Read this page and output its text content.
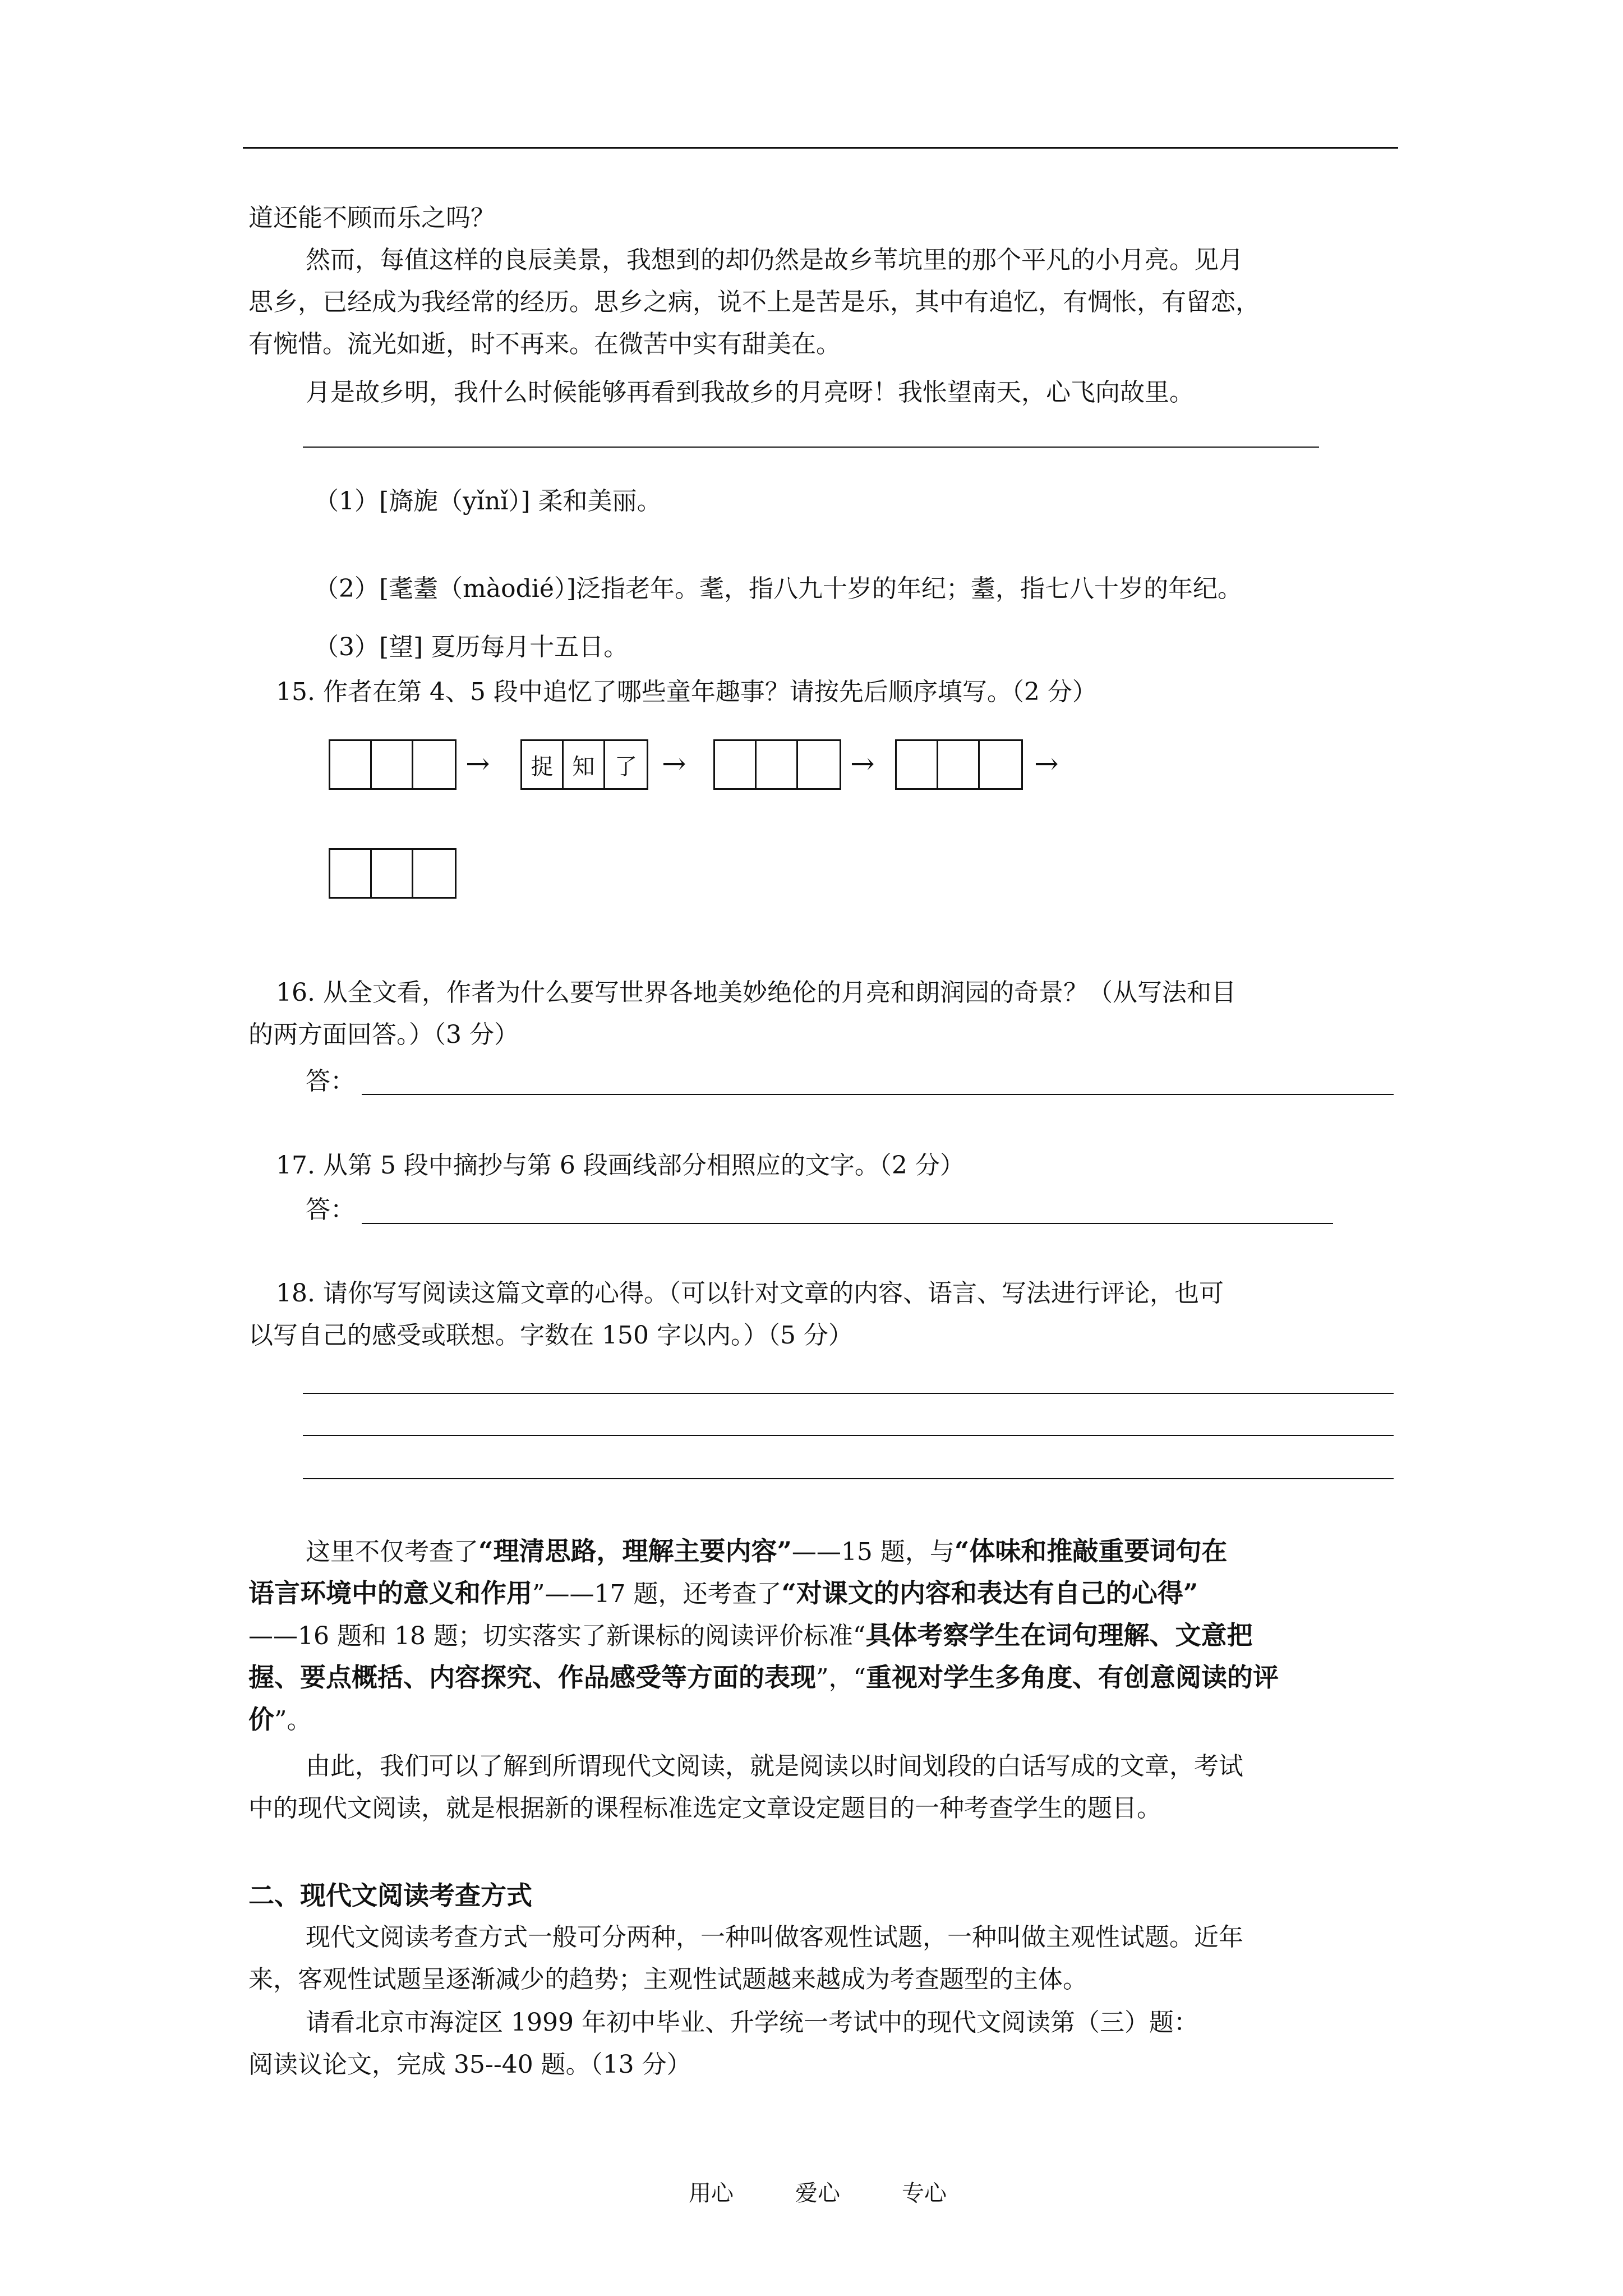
道还能不顾而乐之吗？

然而，每值这样的良辰美景，我想到的却仍然是故乡苇坑里的那个平凡的小月亮。见月

思乡，已经成为我经常的经历。思乡之病，说不上是苦是乐，其中有追忆，有惆怅，有留恋，

有惋惜。流光如逝，时不再来。在微苦中实有甜美在。

月是故乡明，我什么时候能够再看到我故乡的月亮呀！我怅望南天，心飞向故里。

（1）[旖旎（yǐnǐ）] 柔和美丽。

（2）[耄耋（màodié）]泛指老年。耄，指八九十岁的年纪；耋，指七八十岁的年纪。

（3）[望] 夏历每月十五日。

15. 作者在第 4、5 段中追忆了哪些童年趣事？请按先后顺序填写。（2 分）

→	捉 知 了 →	→	→

16. 从全文看，作者为什么要写世界各地美妙绝伦的月亮和朗润园的奇景？（从写法和目

的两方面回答。）（3 分）

答：

17. 从第 5 段中摘抄与第 6 段画线部分相照应的文字。（2 分）

答：

18. 请你写写阅读这篇文章的心得。（可以针对文章的内容、语言、写法进行评论，也可

以写自己的感受或联想。字数在 150 字以内。）（5 分）

这里不仅考查了“理清思路，理解主要内容”——15 题，与“体味和推敲重要词句在

语言环境中的意义和作用”——17 题，还考查了“对课文的内容和表达有自己的心得”

——16 题和 18 题；切实落实了新课标的阅读评价标准“具体考察学生在词句理解、文意把

握、要点概括、内容探究、作品感受等方面的表现”，“重视对学生多角度、有创意阅读的评

价”。

由此，我们可以了解到所谓现代文阅读，就是阅读以时间划段的白话写成的文章，考试

中的现代文阅读，就是根据新的课程标准选定文章设定题目的一种考查学生的题目。

二、现代文阅读考查方式

现代文阅读考查方式一般可分两种，一种叫做客观性试题，一种叫做主观性试题。近年

来，客观性试题呈逐渐减少的趋势；主观性试题越来越成为考查题型的主体。

请看北京市海淀区 1999 年初中毕业、升学统一考试中的现代文阅读第（三）题：

阅读议论文，完成 35--40 题。（13 分）

用心	爱心	专心
